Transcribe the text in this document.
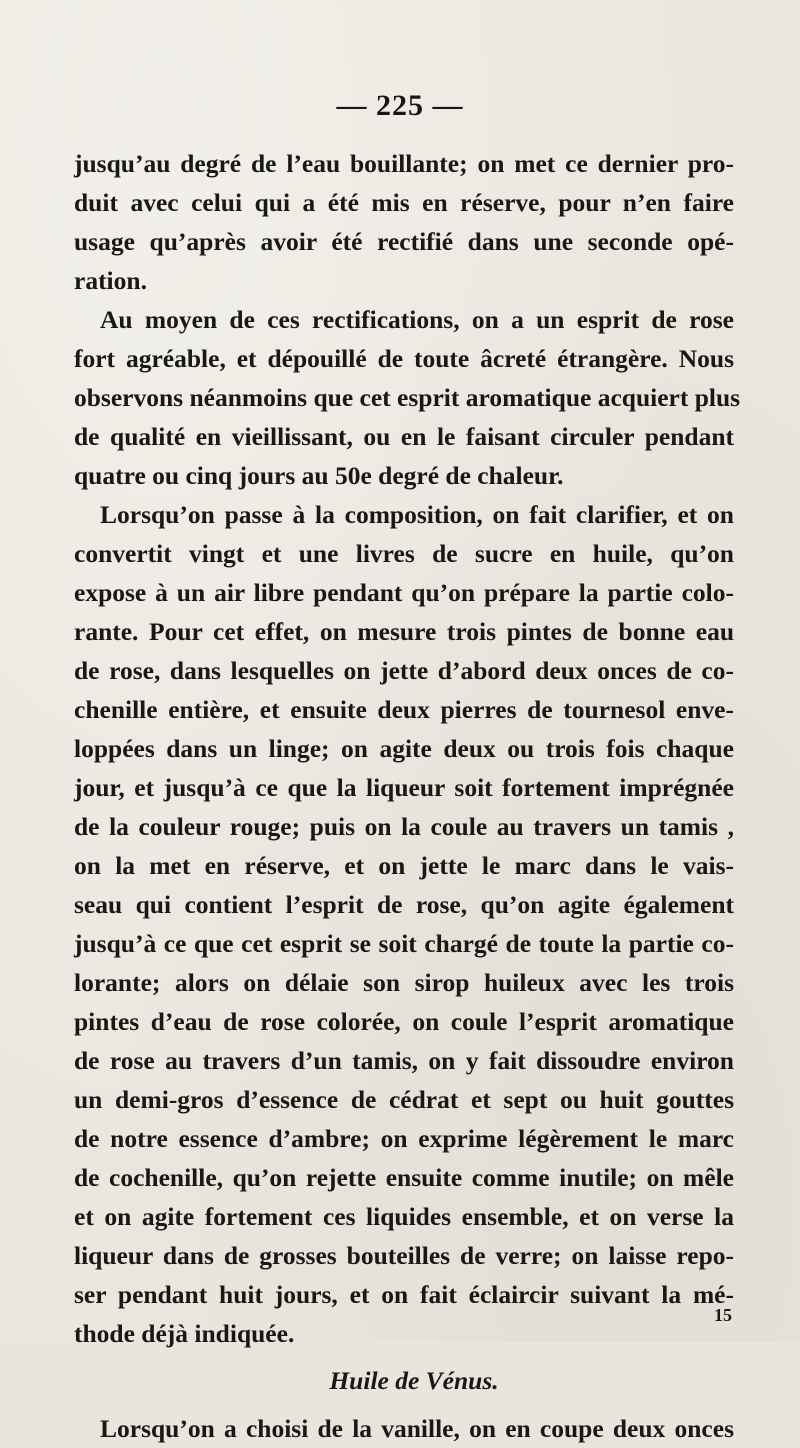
— 225 —
jusqu’au degré de l’eau bouillante; on met ce dernier pro-
duit avec celui qui a été mis en réserve, pour n’en faire
usage qu’après avoir été rectifié dans une seconde opé-
ration.
Au moyen de ces rectifications, on a un esprit de rose
fort agréable, et dépouillé de toute âcreté étrangère. Nous
observons néanmoins que cet esprit aromatique acquiert plus
de qualité en vieillissant, ou en le faisant circuler pendant
quatre ou cinq jours au 50e degré de chaleur.
Lorsqu’on passe à la composition, on fait clarifier, et on
convertit vingt et une livres de sucre en huile, qu’on
expose à un air libre pendant qu’on prépare la partie colo-
rante. Pour cet effet, on mesure trois pintes de bonne eau
de rose, dans lesquelles on jette d’abord deux onces de co-
chenille entière, et ensuite deux pierres de tournesol enve-
loppées dans un linge; on agite deux ou trois fois chaque
jour, et jusqu’à ce que la liqueur soit fortement imprégnée
de la couleur rouge; puis on la coule au travers un tamis ,
on la met en réserve, et on jette le marc dans le vais-
seau qui contient l’esprit de rose, qu’on agite également
jusqu’à ce que cet esprit se soit chargé de toute la partie co-
lorante; alors on délaie son sirop huileux avec les trois
pintes d’eau de rose colorée, on coule l’esprit aromatique
de rose au travers d’un tamis, on y fait dissoudre environ
un demi-gros d’essence de cédrat et sept ou huit gouttes
de notre essence d’ambre; on exprime légèrement le marc
de cochenille, qu’on rejette ensuite comme inutile; on mêle
et on agite fortement ces liquides ensemble, et on verse la
liqueur dans de grosses bouteilles de verre; on laisse repo-
ser pendant huit jours, et on fait éclaircir suivant la mé-
thode déjà indiquée.
Huile de Vénus.
Lorsqu’on a choisi de la vanille, on en coupe deux onces
15
